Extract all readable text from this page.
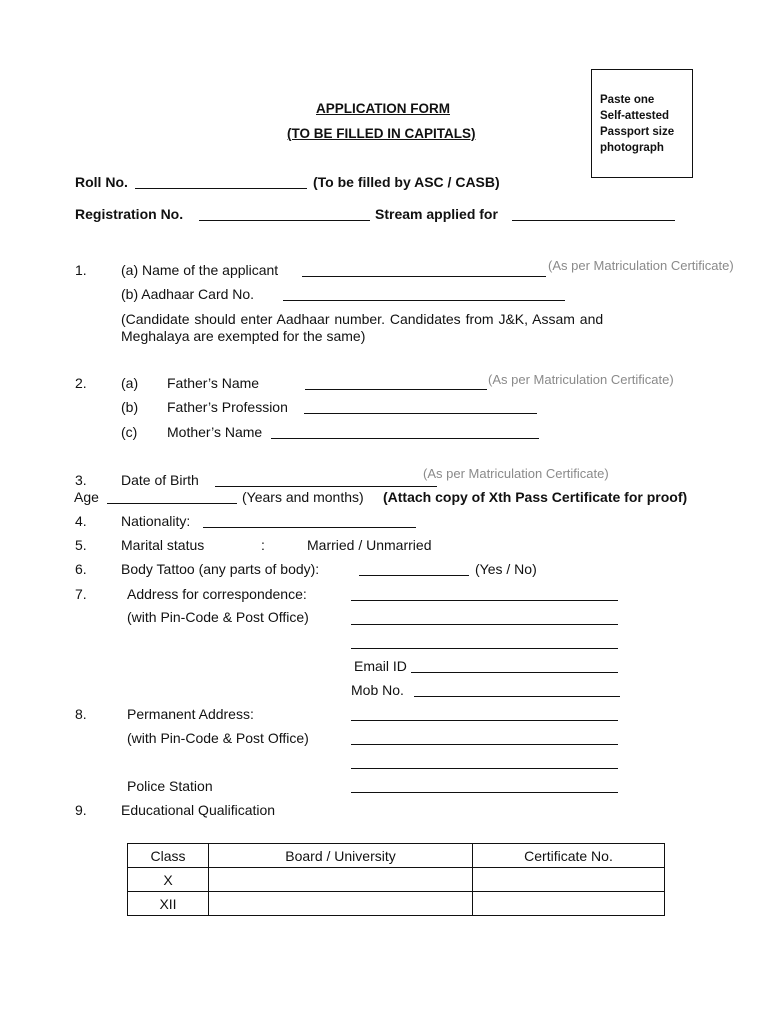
APPLICATION FORM
(TO BE FILLED IN CAPITALS)
Paste one
Self-attested
Passport size
photograph
Roll No.	(To be filled by ASC / CASB)
Registration No.	Stream applied for
1. (a) Name of the applicant	(As per Matriculation Certificate)
(b) Aadhaar Card No.
(Candidate should enter Aadhaar number. Candidates from J&K, Assam and
Meghalaya are exempted for the same)
2. (a) Father’s Name	(As per Matriculation Certificate)
(b) Father’s Profession
(c) Mother’s Name
(As per Matriculation Certificate)
3. Date of Birth
Age	(Years and months) (Attach copy of Xth Pass Certificate for proof)
4. Nationality:
5. Marital status	:	Married / Unmarried
6. Body Tattoo (any parts of body):	(Yes / No)
7.	Address for correspondence:
(with Pin-Code & Post Office)
Email ID
Mob No.
8.	Permanent Address:
(with Pin-Code & Post Office)
Police Station
9. Educational Qualification
Class	Board / University	Certificate No.
X		
XII		
